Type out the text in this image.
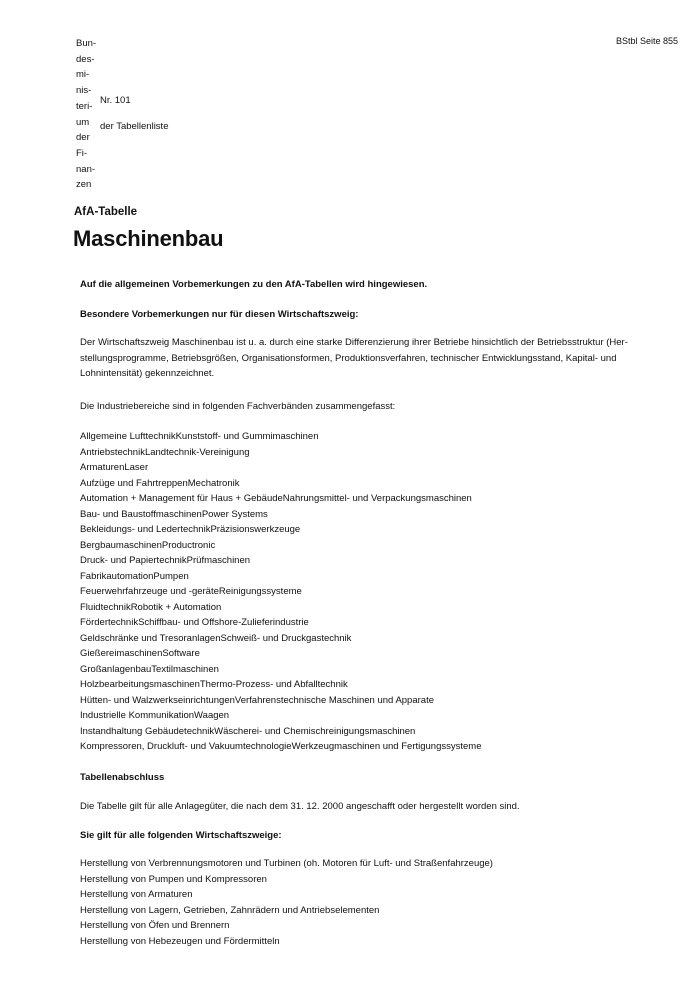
Bun-
des-
mi-
nis-
teri-
um
der
Fi-
nan-
zen
Nr. 101
der Tabellenliste
BStbl Seite 855
AfA-Tabelle
Maschinenbau
Auf die allgemeinen Vorbemerkungen zu den AfA-Tabellen wird hingewiesen.
Besondere Vorbemerkungen nur für diesen Wirtschaftszweig:
Der Wirtschaftszweig Maschinenbau ist u. a. durch eine starke Differenzierung ihrer Betriebe hinsichtlich der Betriebsstruktur (Her-
stellungsprogramme, Betriebsgrößen, Organisationsformen, Produktionsverfahren, technischer Entwicklungsstand, Kapital- und
Lohnintensität) gekennzeichnet.
Die Industriebereiche sind in folgenden Fachverbänden zusammengefasst:
Allgemeine LufttechnikKunststoff- und Gummimaschinen
AntriebstechnikLandtechnik-Vereinigung
ArmaturenLaser
Aufzüge und FahrtreppenMechatronik
Automation + Management für Haus + GebäudeNahrungsmittel- und Verpackungsmaschinen
Bau- und BaustoffmaschinenPower Systems
Bekleidungs- und LedertechnikPräzisionswerkzeuge
BergbaumaschinenProductronic
Druck- und PapiertechnikPrüfmaschinen
FabrikautomationPumpen
Feuerwehrfahrzeuge und -geräteReinigungssysteme
FluidtechnikRobotik + Automation
FördertechnikSchiffbau- und Offshore-Zulieferindustrie
Geldschränke und TresoranlagenSchweiß- und Druckgastechnik
GießereimaschinenSoftware
GroßanlagenbauTextilmaschinen
HolzbearbeitungsmaschinenThermo-Prozess- und Abfalltechnik
Hütten- und WalzwerkseinrichtungenVerfahrenstechnische Maschinen und Apparate
Industrielle KommunikationWaagen
Instandhaltung GebäudetechnikWäscherei- und Chemischreinigungsmaschinen
Kompressoren, Druckluft- und VakuumtechnologieWerkzeugmaschinen und Fertigungssysteme
Tabellenabschluss
Die Tabelle gilt für alle Anlagegüter, die nach dem 31. 12. 2000 angeschafft oder hergestellt worden sind.
Sie gilt für alle folgenden Wirtschaftszweige:
Herstellung von Verbrennungsmotoren und Turbinen (oh. Motoren für Luft- und Straßenfahrzeuge)
Herstellung von Pumpen und Kompressoren
Herstellung von Armaturen
Herstellung von Lagern, Getrieben, Zahnrädern und Antriebselementen
Herstellung von Öfen und Brennern
Herstellung von Hebezeugen und Fördermitteln
